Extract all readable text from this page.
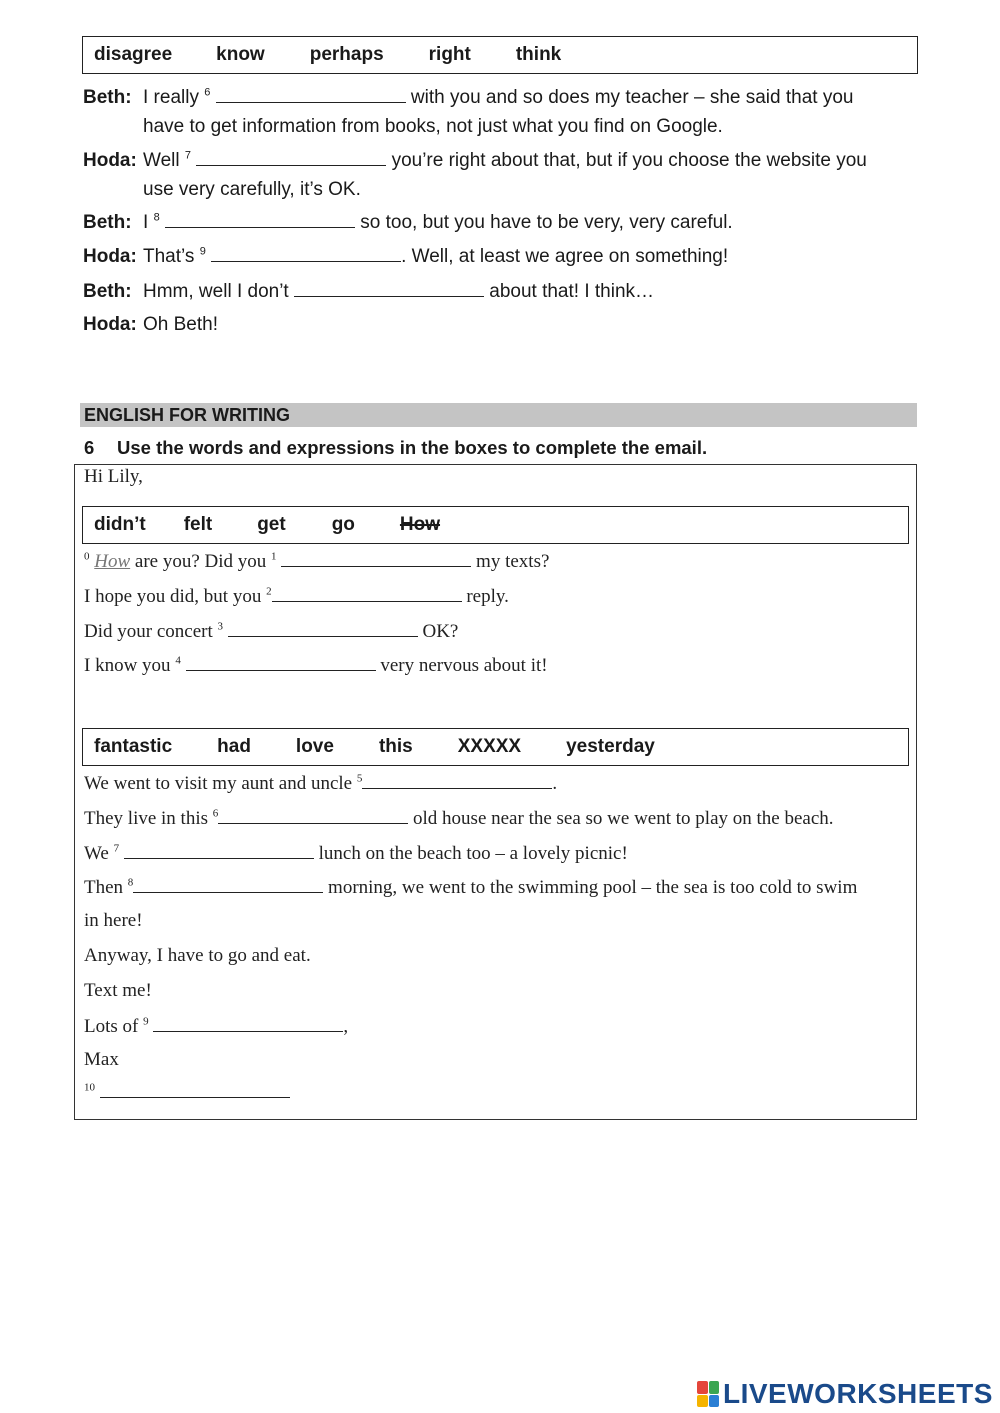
disagree know perhaps right think
Beth: I really $^6$	with you and so does my teacher – she said that you
have to get information from books, not just what you find on Google.
Hoda: Well $^7$	you’re right about that, but if you choose the website you
use very carefully, it’s OK.
Beth: I $^8$	so too, but you have to be very, very careful.
Hoda: That’s $^9$	. Well, at least we agree on something!
Beth: Hmm, well I don’t	about that! I think…
Hoda: Oh Beth!
ENGLISH FOR WRITING
6 Use the words and expressions in the boxes to complete the email.
Hi Lily,
didn’t felt get go How
$^0$ How are you? Did you $^1$	my texts?
I hope you did, but you $^2$	reply.
Did your concert $^3$	OK?
I know you $^4$	very nervous about it!
fantastic had love this XXXXX yesterday
We went to visit my aunt and uncle $^5$	.
They live in this $^6$	old house near the sea so we went to play on the beach.
We $^7$	lunch on the beach too – a lovely picnic!
Then $^8$	morning, we went to the swimming pool – the sea is too cold to swim
in here!
Anyway, I have to go and eat.
Text me!
Lots of $^9$	,
Max
$^{10}$
LIVEWORKSHEETS
